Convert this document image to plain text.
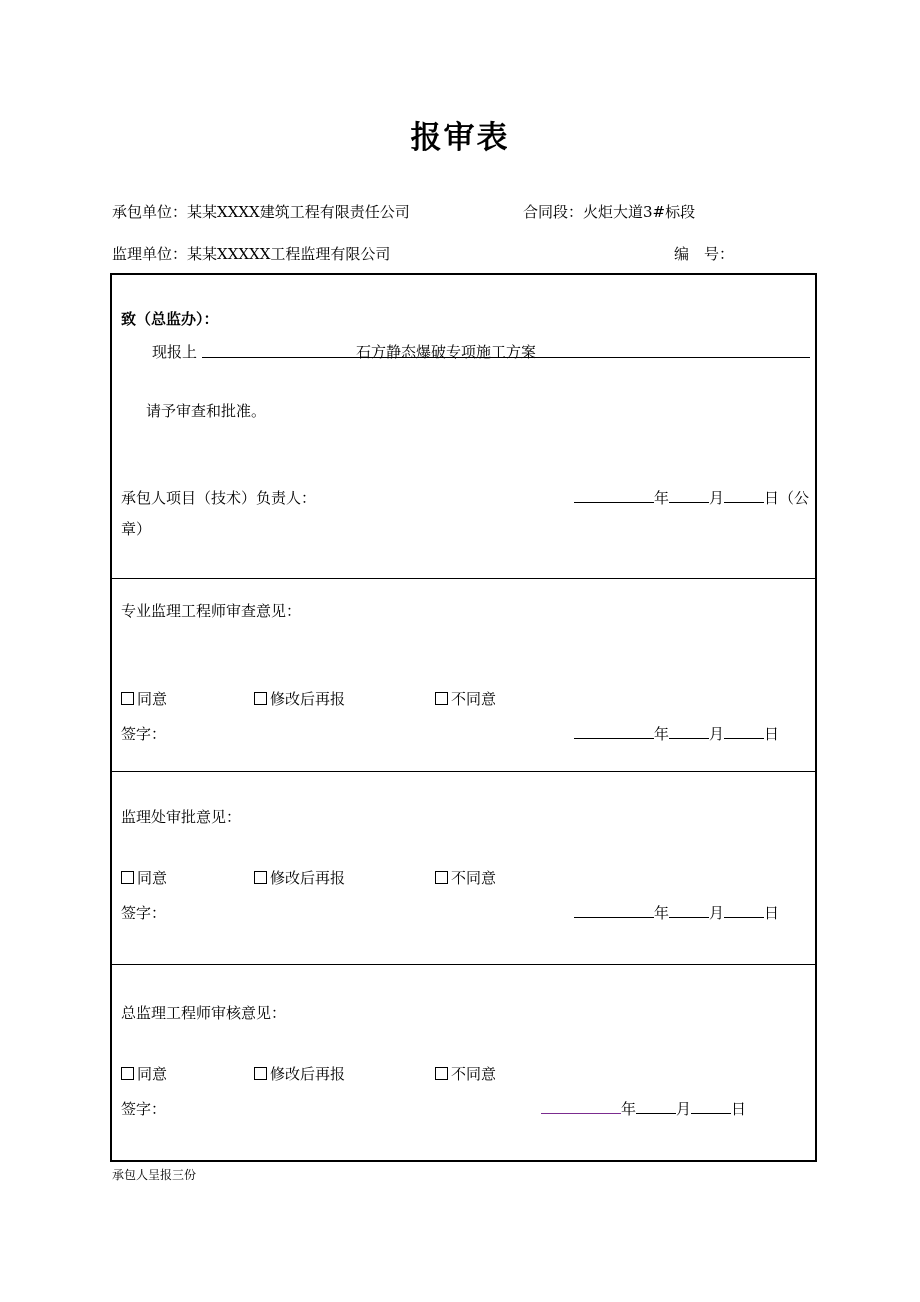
报审表
承包单位：某某XXXX建筑工程有限责任公司	合同段：火炬大道3#标段
监理单位：某某XXXXX工程监理有限公司	编　号：
致（总监办）：
现报上	石方静态爆破专项施工方案
请予审查和批准。
承包人项目（技术）负责人：	年	月	日（公
章）
专业监理工程师审查意见：
同意	修改后再报	不同意
签字：	年	月	日
监理处审批意见：
同意	修改后再报	不同意
签字：	年	月	日
总监理工程师审核意见：
同意	修改后再报	不同意
签字：	年	月	日
承包人呈报三份
